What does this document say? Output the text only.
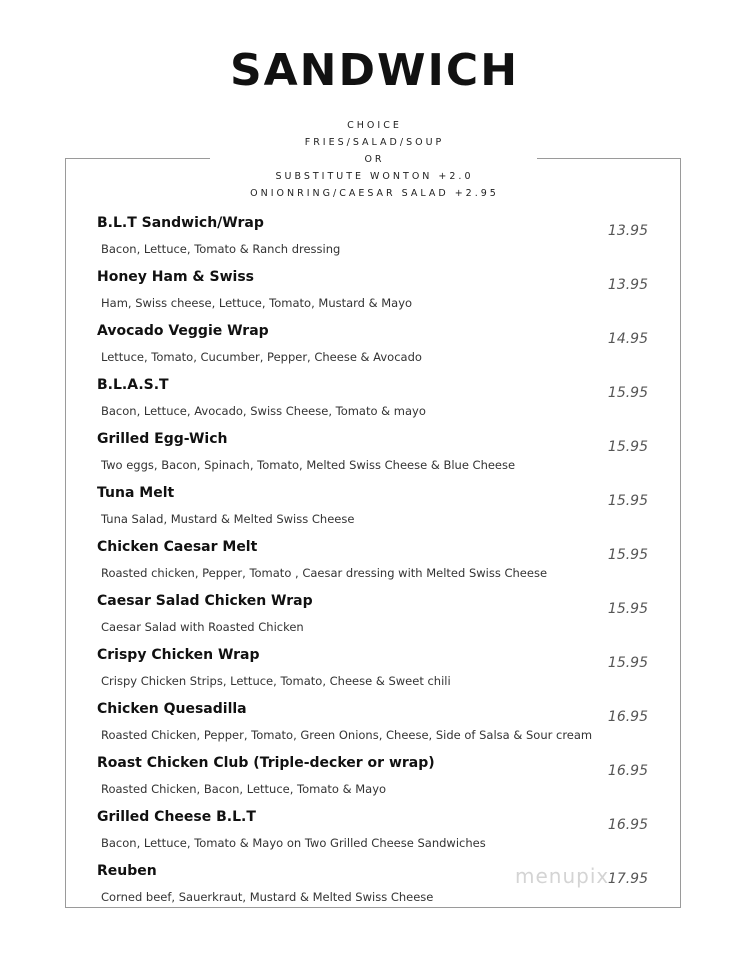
SANDWICH
CHOICE
FRIES/SALAD/SOUP
OR
SUBSTITUTE WONTON +2.0
ONIONRING/CAESAR SALAD +2.95
B.L.T Sandwich/Wrap
Bacon, Lettuce, Tomato & Ranch dressing
13.95
Honey Ham & Swiss
Ham, Swiss cheese, Lettuce, Tomato, Mustard & Mayo
13.95
Avocado Veggie Wrap
Lettuce, Tomato, Cucumber, Pepper, Cheese & Avocado
14.95
B.L.A.S.T
Bacon, Lettuce, Avocado, Swiss Cheese, Tomato & mayo
15.95
Grilled Egg-Wich
Two eggs, Bacon, Spinach, Tomato, Melted Swiss Cheese & Blue Cheese
15.95
Tuna Melt
Tuna Salad, Mustard & Melted Swiss Cheese
15.95
Chicken Caesar Melt
Roasted chicken, Pepper, Tomato , Caesar dressing with Melted Swiss Cheese
15.95
Caesar Salad Chicken Wrap
Caesar Salad with Roasted Chicken
15.95
Crispy Chicken Wrap
Crispy Chicken Strips, Lettuce, Tomato, Cheese & Sweet chili
15.95
Chicken Quesadilla
Roasted Chicken, Pepper, Tomato, Green Onions, Cheese, Side of Salsa & Sour cream
16.95
Roast Chicken Club (Triple-decker or wrap)
Roasted Chicken, Bacon, Lettuce, Tomato & Mayo
16.95
Grilled Cheese B.L.T
Bacon, Lettuce, Tomato & Mayo on Two Grilled Cheese Sandwiches
16.95
Reuben
Corned beef, Sauerkraut, Mustard & Melted Swiss Cheese
17.95
menupix
